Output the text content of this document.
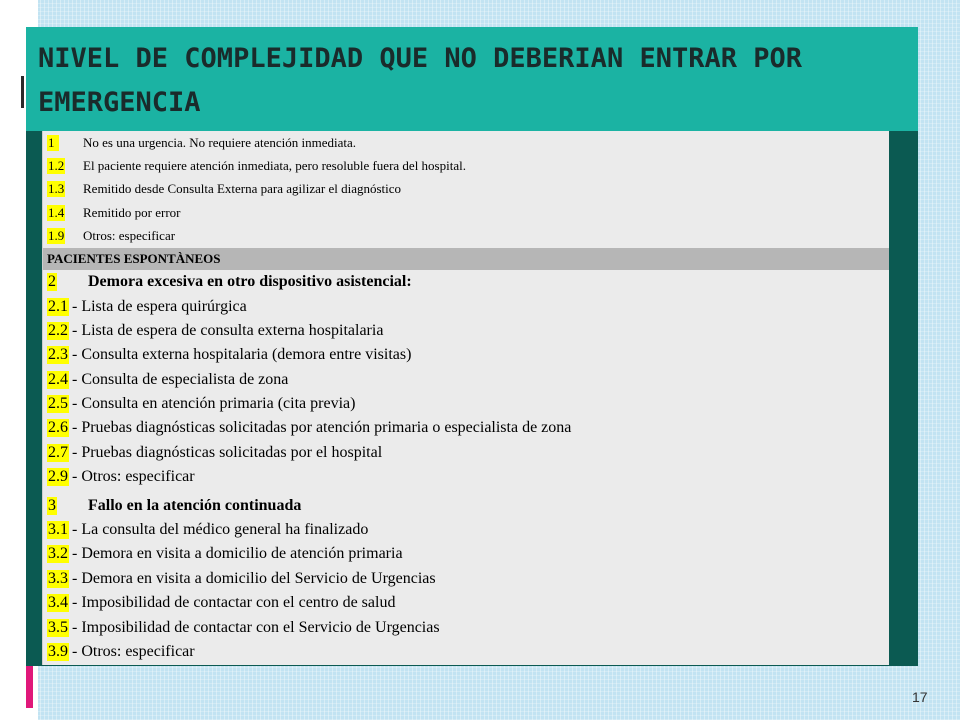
NIVEL DE COMPLEJIDAD QUE NO DEBERIAN ENTRAR POR EMERGENCIA
1	No es una urgencia. No requiere atención inmediata.
1.2 El paciente requiere atención inmediata, pero resoluble fuera del hospital.
1.3 Remitido desde Consulta Externa para agilizar el diagnóstico
1.4 Remitido por error
1.9 Otros: especificar
PACIENTES ESPONTÀNEOS
2 Demora excesiva en otro dispositivo asistencial:
2.1 - Lista de espera quirúrgica
2.2 - Lista de espera de consulta externa hospitalaria
2.3 - Consulta externa hospitalaria (demora entre visitas)
2.4 - Consulta de especialista de zona
2.5 - Consulta en atención primaria (cita previa)
2.6 - Pruebas diagnósticas solicitadas por atención primaria o especialista de zona
2.7 - Pruebas diagnósticas solicitadas por el hospital
2.9 - Otros: especificar
3 Fallo en la atención continuada
3.1 - La consulta del médico general ha finalizado
3.2 - Demora en visita a domicilio de atención primaria
3.3 - Demora en visita a domicilio del Servicio de Urgencias
3.4 - Imposibilidad de contactar con el centro de salud
3.5 - Imposibilidad de contactar con el Servicio de Urgencias
3.9 - Otros: especificar
17
